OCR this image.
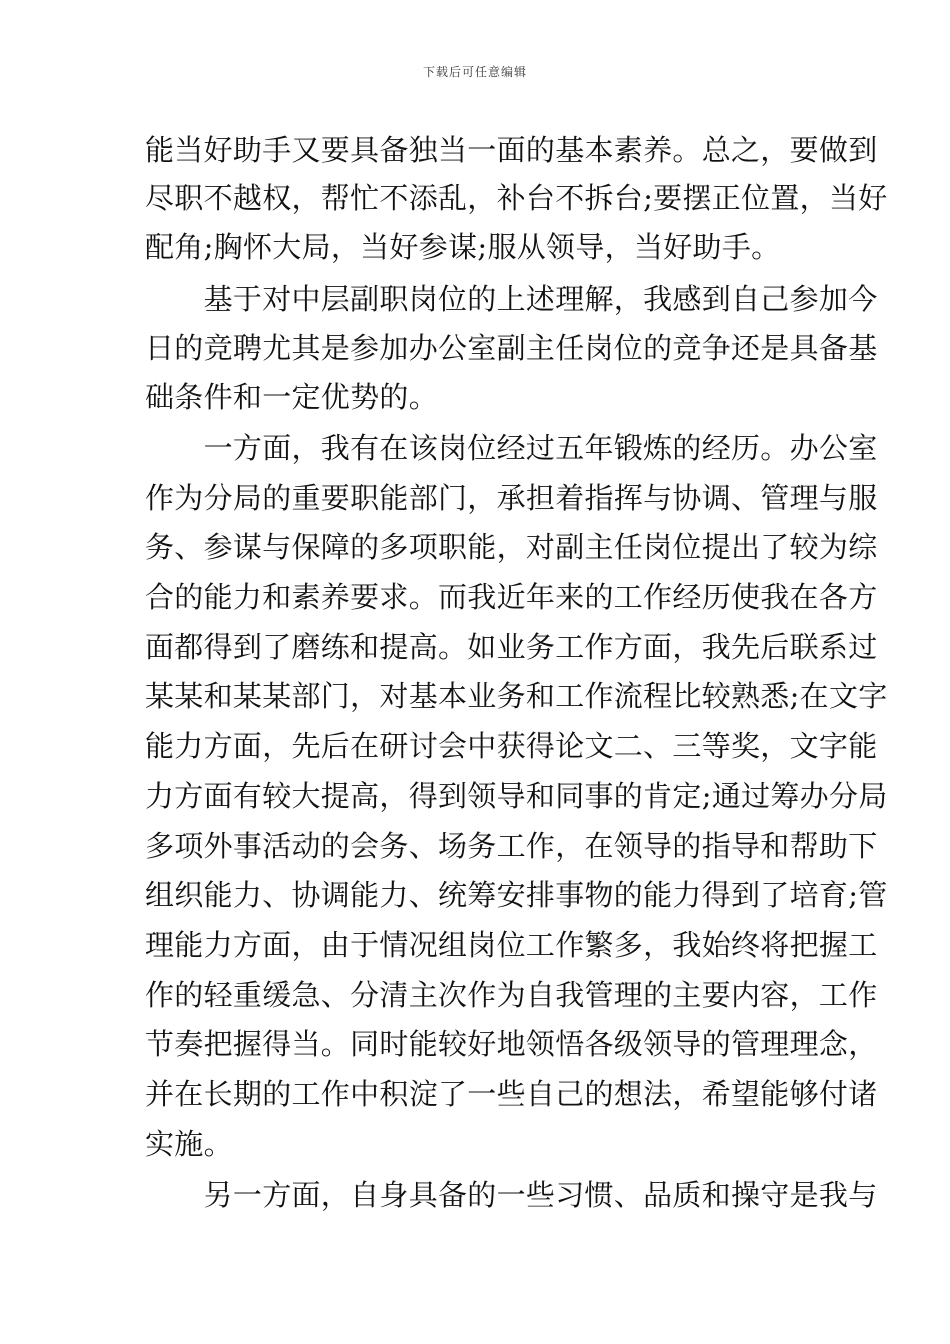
下载后可任意编辑
能当好助手又要具备独当一面的基本素养。总之，要做到
尽职不越权，帮忙不添乱，补台不拆台;要摆正位置，当好
配角;胸怀大局，当好参谋;服从领导，当好助手。
　　基于对中层副职岗位的上述理解，我感到自己参加今
日的竞聘尤其是参加办公室副主任岗位的竞争还是具备基
础条件和一定优势的。
　　一方面，我有在该岗位经过五年锻炼的经历。办公室
作为分局的重要职能部门，承担着指挥与协调、管理与服
务、参谋与保障的多项职能，对副主任岗位提出了较为综
合的能力和素养要求。而我近年来的工作经历使我在各方
面都得到了磨练和提高。如业务工作方面，我先后联系过
某某和某某部门，对基本业务和工作流程比较熟悉;在文字
能力方面，先后在研讨会中获得论文二、三等奖，文字能
力方面有较大提高，得到领导和同事的肯定;通过筹办分局
多项外事活动的会务、场务工作，在领导的指导和帮助下
组织能力、协调能力、统筹安排事物的能力得到了培育;管
理能力方面，由于情况组岗位工作繁多，我始终将把握工
作的轻重缓急、分清主次作为自我管理的主要内容，工作
节奏把握得当。同时能较好地领悟各级领导的管理理念，
并在长期的工作中积淀了一些自己的想法，希望能够付诸
实施。
　　另一方面，自身具备的一些习惯、品质和操守是我与
